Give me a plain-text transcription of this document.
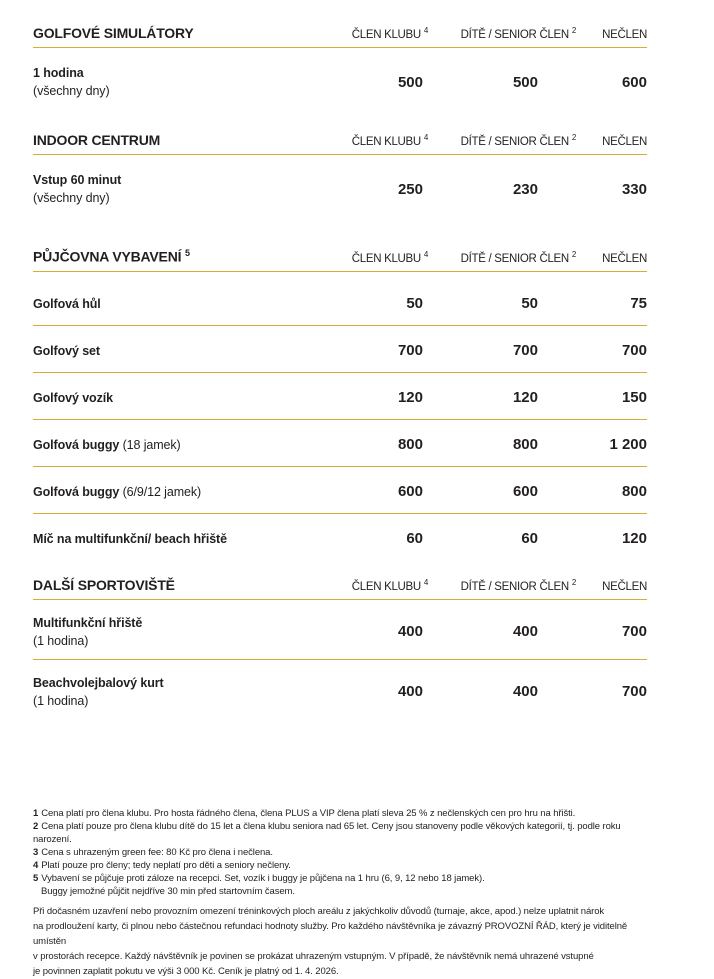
GOLFOVÉ SIMULÁTORY	ČLEN KLUBU $^4$	DÍTĚ / SENIOR ČLEN $^2$	NEČLEN
1 hodina
(všechny dny)
500	500	600
INDOOR CENTRUM	ČLEN KLUBU $^4$	DÍTĚ / SENIOR ČLEN $^2$	NEČLEN
Vstup 60 minut
(všechny dny)
250	230	330
PŮJČOVNA VYBAVENÍ $^5$	ČLEN KLUBU $^4$	DÍTĚ / SENIOR ČLEN $^2$	NEČLEN
Golfová hůl	50	50	75
Golfový set	700	700	700
Golfový vozík	120	120	150
Golfová buggy (18 jamek)	800	800	1 200
Golfová buggy (6/9/12 jamek)	600	600	800
Míč na multifunkční/ beach hřiště	60	60	120
DALŠÍ SPORTOVIŠTĚ	ČLEN KLUBU $^4$	DÍTĚ / SENIOR ČLEN $^2$	NEČLEN
Multifunkční hřiště
(1 hodina)
400	400	700
Beachvolejbalový kurt
(1 hodina)
400	400	700
1 Cena platí pro člena klubu. Pro hosta řádného člena, člena PLUS a VIP člena platí sleva 25 % z nečlenských cen pro hru na hřišti.
2 Cena platí pouze pro člena klubu dítě do 15 let a člena klubu seniora nad 65 let. Ceny jsou stanoveny podle věkových kategorií, tj. podle roku narození.
3 Cena s uhrazeným green fee: 80 Kč pro člena i nečlena.
4 Platí pouze pro členy; tedy neplatí pro děti a seniory nečleny.
5 Vybavení se půjčuje proti záloze na recepci. Set, vozík i buggy je půjčena na 1 hru (6, 9, 12 nebo 18 jamek).
Buggy jemožné půjčit nejdříve 30 min před startovním časem.
Při dočasném uzavření nebo provozním omezení tréninkových ploch areálu z jakýchkoliv důvodů (turnaje, akce, apod.) nelze uplatnit nárok
na prodloužení karty, či plnou nebo částečnou refundaci hodnoty služby. Pro každého návštěvníka je závazný PROVOZNÍ ŘÁD, který je viditelně umístěn
v prostorách recepce. Každý návštěvník je povinen se prokázat uhrazeným vstupným. V případě, že návštěvník nemá uhrazené vstupné
je povinnen zaplatit pokutu ve výši 3 000 Kč. Ceník je platný od 1. 4. 2026.
